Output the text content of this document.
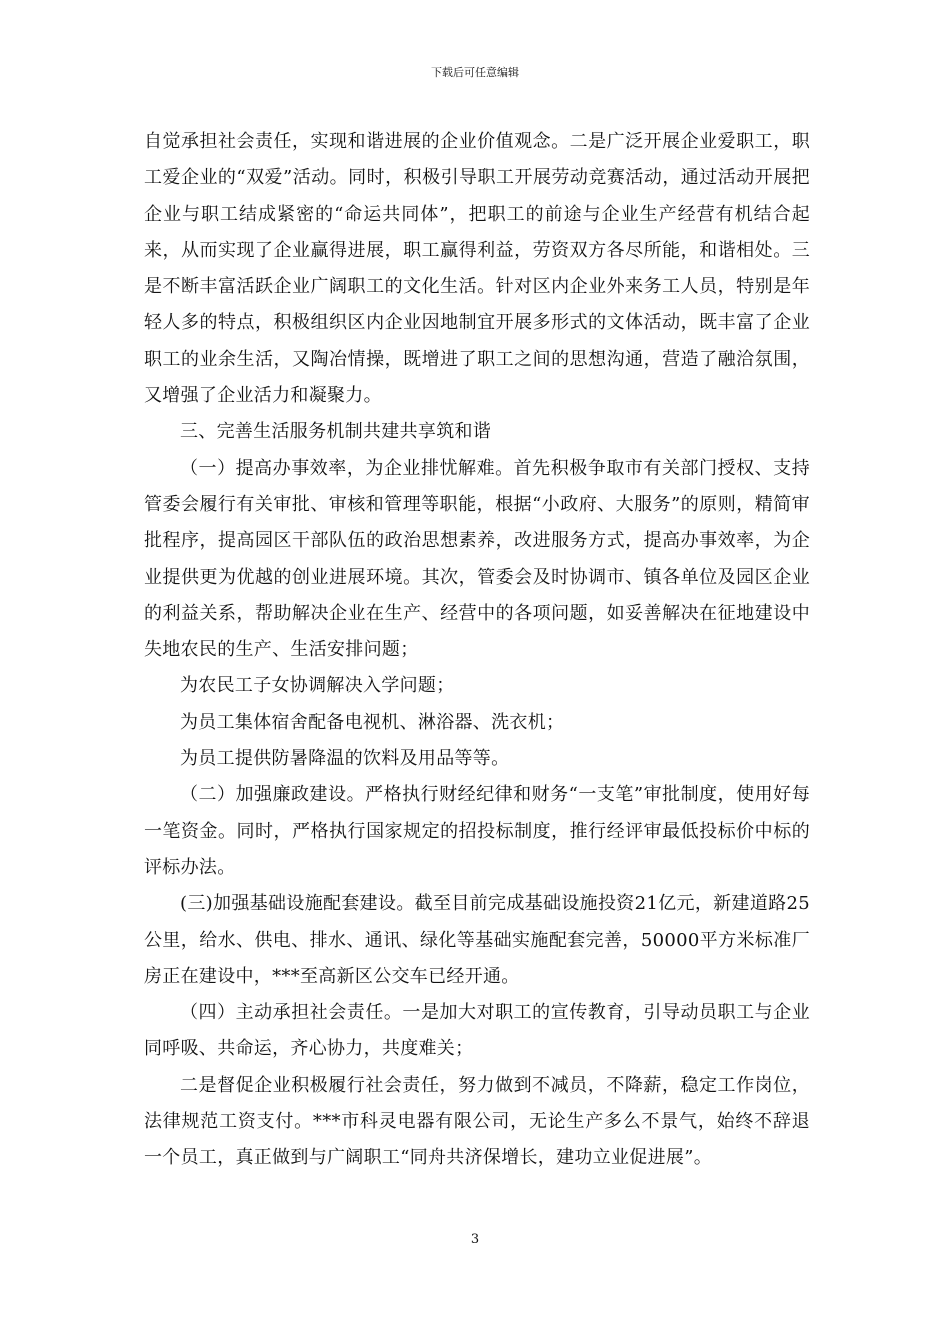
下载后可任意编辑

自觉承担社会责任，实现和谐进展的企业价值观念。二是广泛开展企业爱职工，职工爱企业的“双爱”活动。同时，积极引导职工开展劳动竞赛活动，通过活动开展把企业与职工结成紧密的“命运共同体”，把职工的前途与企业生产经营有机结合起来，从而实现了企业赢得进展，职工赢得利益，劳资双方各尽所能，和谐相处。三是不断丰富活跃企业广阔职工的文化生活。针对区内企业外来务工人员，特别是年轻人多的特点，积极组织区内企业因地制宜开展多形式的文体活动，既丰富了企业职工的业余生活，又陶冶情操，既增进了职工之间的思想沟通，营造了融洽氛围，又增强了企业活力和凝聚力。

三、完善生活服务机制共建共享筑和谐

（一）提高办事效率，为企业排忧解难。首先积极争取市有关部门授权、支持管委会履行有关审批、审核和管理等职能，根据“小政府、大服务”的原则，精简审批程序，提高园区干部队伍的政治思想素养，改进服务方式，提高办事效率，为企业提供更为优越的创业进展环境。其次，管委会及时协调市、镇各单位及园区企业的利益关系，帮助解决企业在生产、经营中的各项问题，如妥善解决在征地建设中失地农民的生产、生活安排问题；

为农民工子女协调解决入学问题；

为员工集体宿舍配备电视机、淋浴器、洗衣机；

为员工提供防暑降温的饮料及用品等等。

（二）加强廉政建设。严格执行财经纪律和财务“一支笔”审批制度，使用好每一笔资金。同时，严格执行国家规定的招投标制度，推行经评审最低投标价中标的评标办法。

(三)加强基础设施配套建设。截至目前完成基础设施投资21亿元，新建道路25公里，给水、供电、排水、通讯、绿化等基础实施配套完善，50000平方米标准厂房正在建设中，***至高新区公交车已经开通。

（四）主动承担社会责任。一是加大对职工的宣传教育，引导动员职工与企业同呼吸、共命运，齐心协力，共度难关；

二是督促企业积极履行社会责任，努力做到不减员，不降薪，稳定工作岗位，法律规范工资支付。***市科灵电器有限公司，无论生产多么不景气，始终不辞退一个员工，真正做到与广阔职工“同舟共济保增长，建功立业促进展”。

3
